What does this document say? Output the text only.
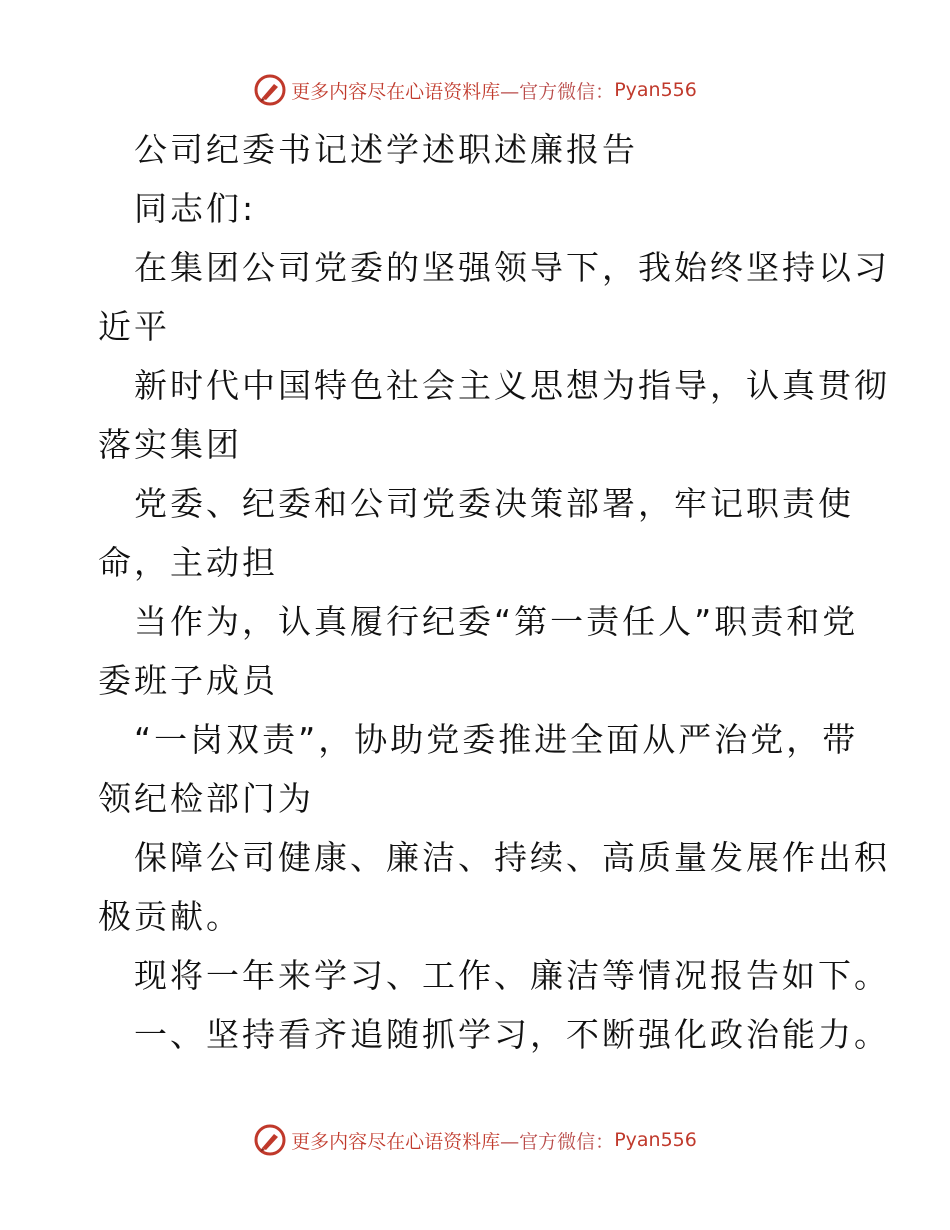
更多内容尽在心语资料库 —官方微信： Pyan556
公司纪委书记述学述职述廉报告
同志们:
在集团公司党委的坚强领导下，我始终坚持以习
近平
新时代中国特色社会主义思想为指导，认真贯彻
落实集团
党委、纪委和公司党委决策部署，牢记职责使
命，主动担
当作为，认真履行纪委“第一责任人”职责和党
委班子成员
“一岗双责”，协助党委推进全面从严治党，带
领纪检部门为
保障公司健康、廉洁、持续、高质量发展作出积
极贡献。
现将一年来学习、工作、廉洁等情况报告如下。
一、坚持看齐追随抓学习，不断强化政治能力。
更多内容尽在心语资料库 —官方微信： Pyan556
